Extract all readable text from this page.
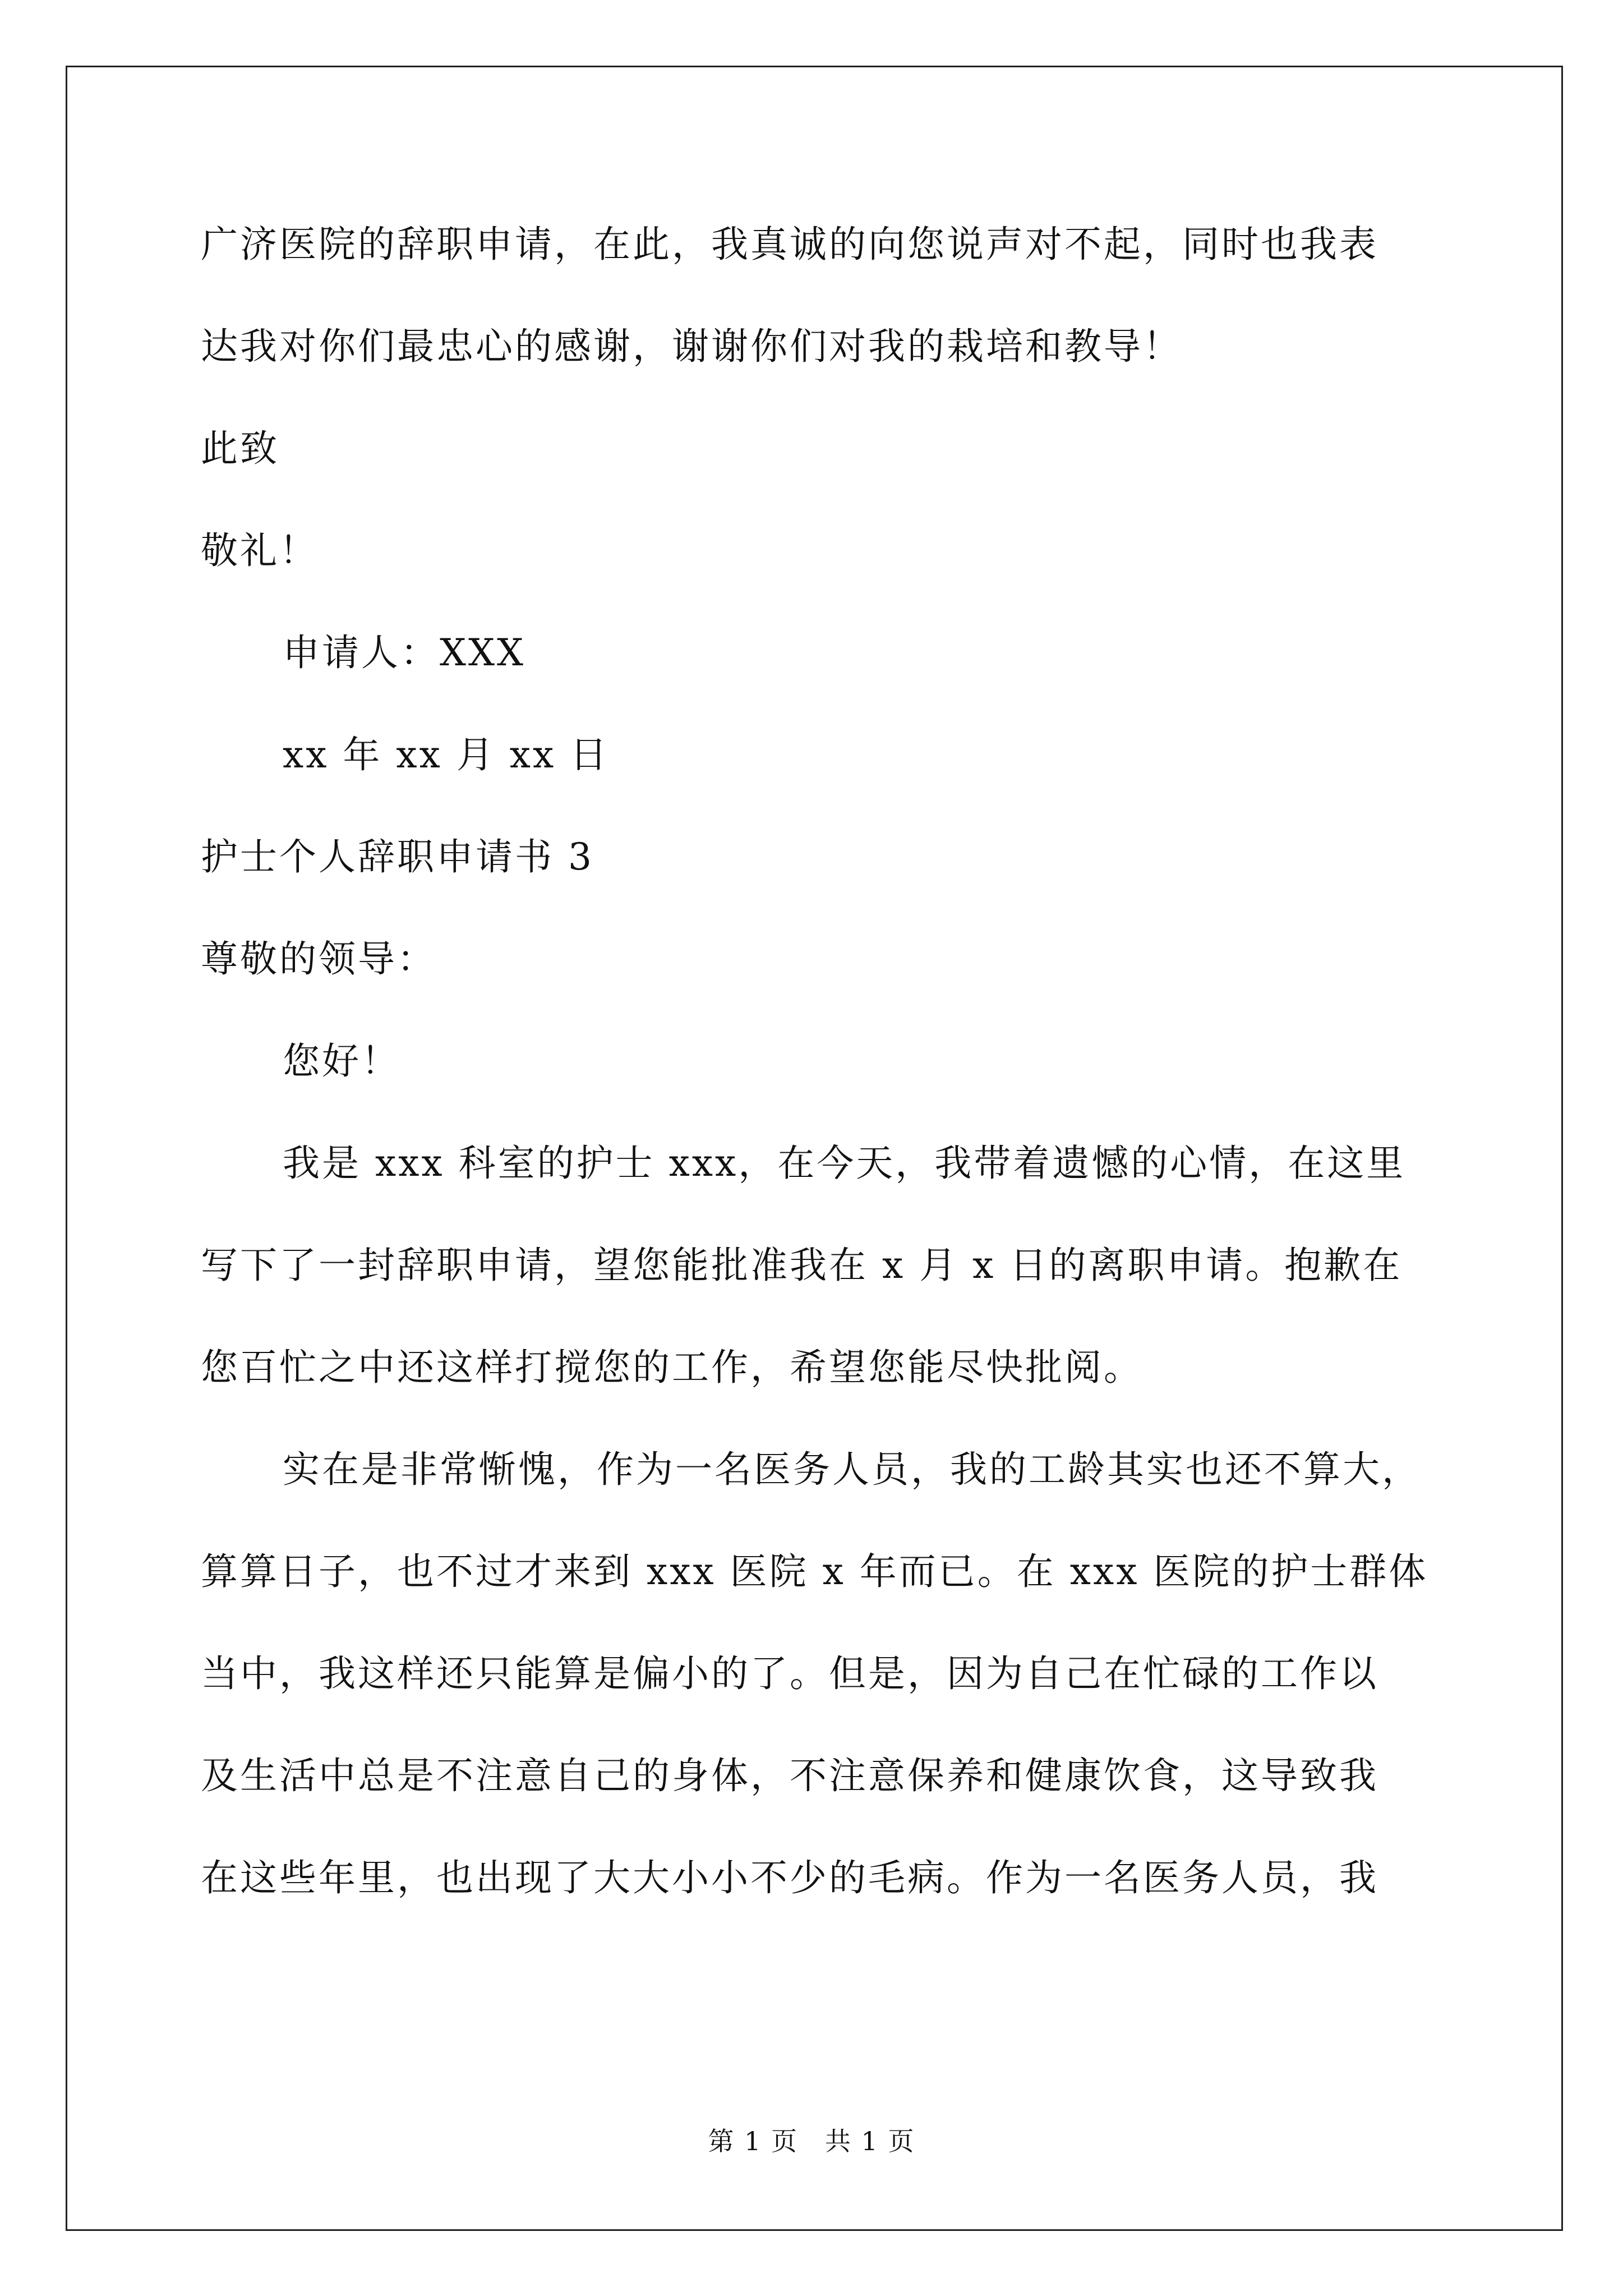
广济医院的辞职申请，在此，我真诚的向您说声对不起，同时也我表
达我对你们最忠心的感谢，谢谢你们对我的栽培和教导！
此致
敬礼！
申请人：XXX
xx 年 xx 月 xx 日
护士个人辞职申请书 3
尊敬的领导：
您好！
我是 xxx 科室的护士 xxx，在今天，我带着遗憾的心情，在这里
写下了一封辞职申请，望您能批准我在 x 月 x 日的离职申请。抱歉在
您百忙之中还这样打搅您的工作，希望您能尽快批阅。
实在是非常惭愧，作为一名医务人员，我的工龄其实也还不算大，
算算日子，也不过才来到 xxx 医院 x 年而已。在 xxx 医院的护士群体
当中，我这样还只能算是偏小的了。但是，因为自己在忙碌的工作以
及生活中总是不注意自己的身体，不注意保养和健康饮食，这导致我
在这些年里，也出现了大大小小不少的毛病。作为一名医务人员，我
第 1 页　共 1 页
